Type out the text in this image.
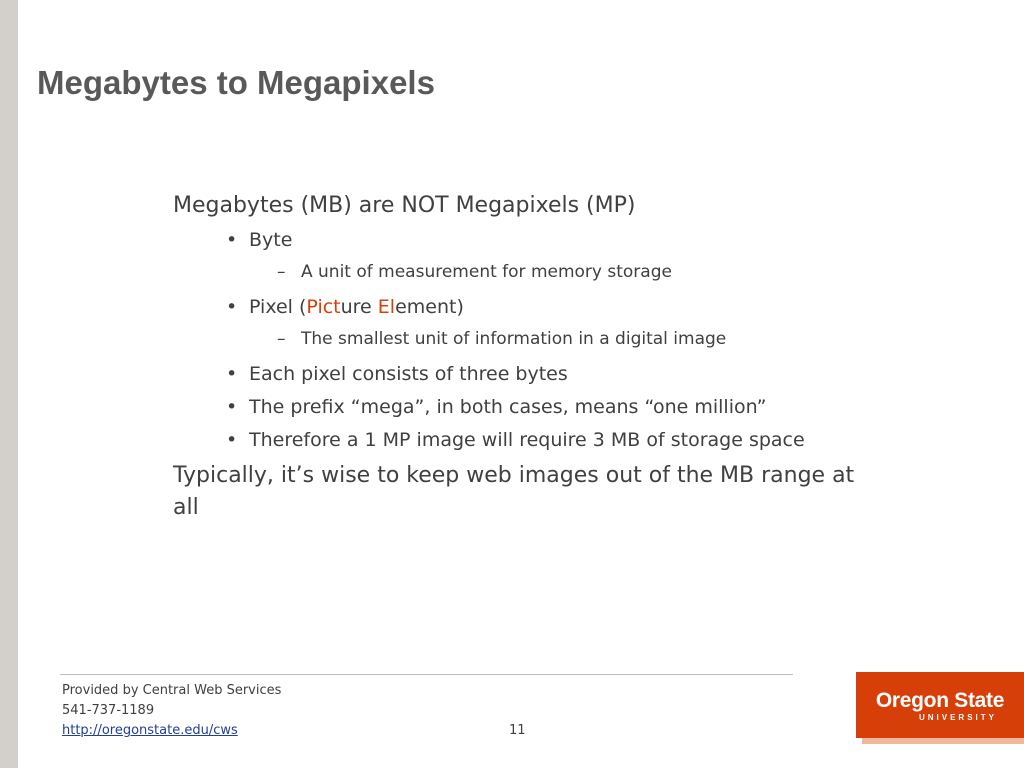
Megabytes to Megapixels
Megabytes (MB) are NOT Megapixels (MP)
• Byte
– A unit of measurement for memory storage
• Pixel (Picture Element)
– The smallest unit of information in a digital image
• Each pixel consists of three bytes
• The prefix “mega”, in both cases, means “one million”
• Therefore a 1 MP image will require 3 MB of storage space
Typically, it’s wise to keep web images out of the MB range at all
Provided by Central Web Services
541-737-1189
http://oregonstate.edu/cws	11
Oregon State
UNIVERSITY
